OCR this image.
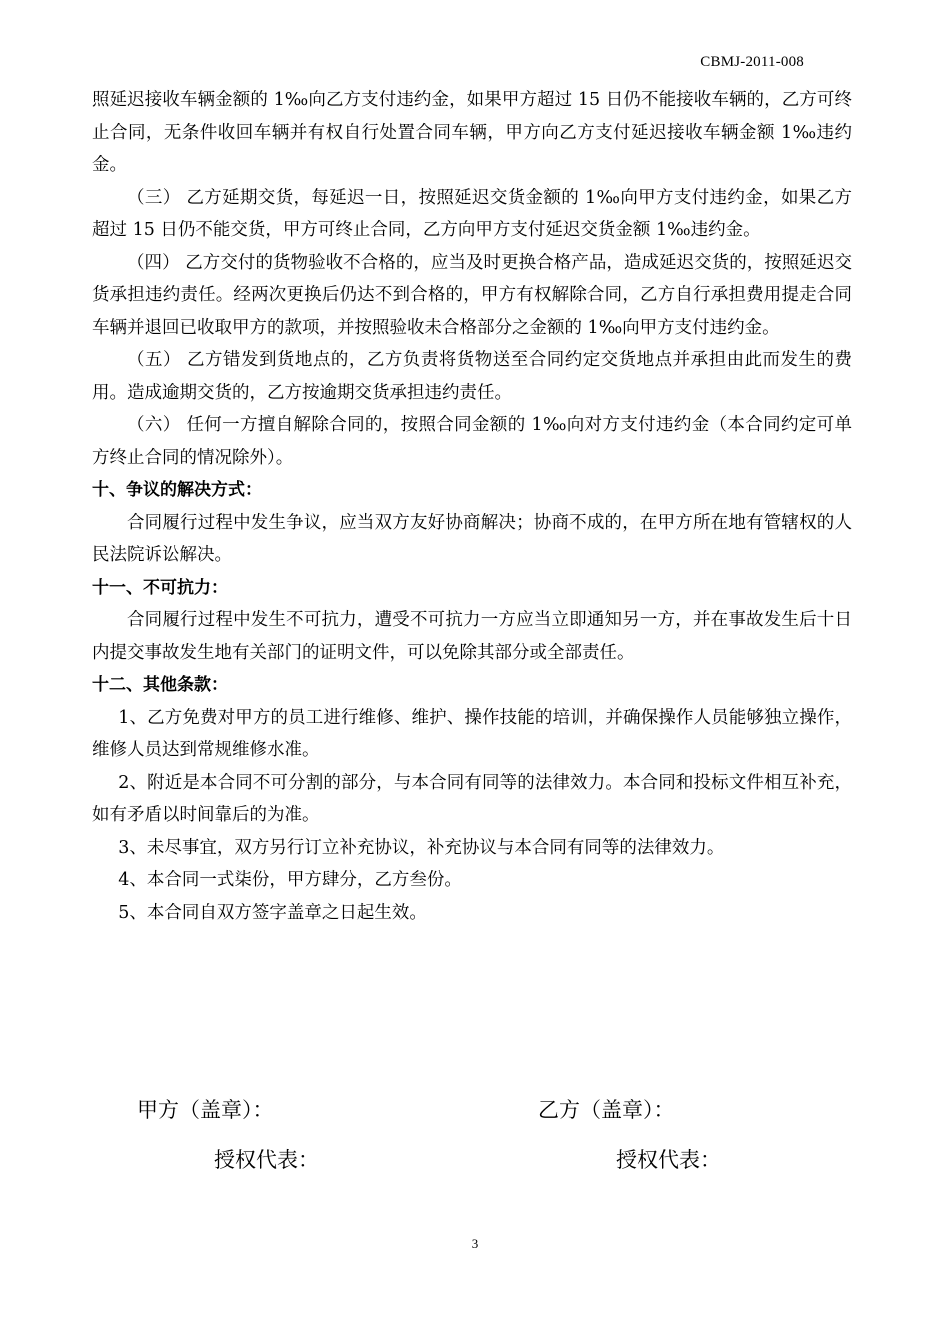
CBMJ-2011-008

照延迟接收车辆金额的 1‰向乙方支付违约金，如果甲方超过 15 日仍不能接收车辆的，乙方可终止合同，无条件收回车辆并有权自行处置合同车辆，甲方向乙方支付延迟接收车辆金额 1‰违约金。

（三） 乙方延期交货，每延迟一日，按照延迟交货金额的 1‰向甲方支付违约金，如果乙方超过 15 日仍不能交货，甲方可终止合同，乙方向甲方支付延迟交货金额 1‰违约金。

（四） 乙方交付的货物验收不合格的，应当及时更换合格产品，造成延迟交货的，按照延迟交货承担违约责任。经两次更换后仍达不到合格的，甲方有权解除合同，乙方自行承担费用提走合同车辆并退回已收取甲方的款项，并按照验收未合格部分之金额的 1‰向甲方支付违约金。

（五） 乙方错发到货地点的，乙方负责将货物送至合同约定交货地点并承担由此而发生的费用。造成逾期交货的，乙方按逾期交货承担违约责任。

（六） 任何一方擅自解除合同的，按照合同金额的 1‰向对方支付违约金（本合同约定可单方终止合同的情况除外）。

十、争议的解决方式：

合同履行过程中发生争议，应当双方友好协商解决；协商不成的，在甲方所在地有管辖权的人民法院诉讼解决。

十一、不可抗力：

合同履行过程中发生不可抗力，遭受不可抗力一方应当立即通知另一方，并在事故发生后十日内提交事故发生地有关部门的证明文件，可以免除其部分或全部责任。

十二、其他条款：

1、乙方免费对甲方的员工进行维修、维护、操作技能的培训，并确保操作人员能够独立操作，维修人员达到常规维修水准。

2、附近是本合同不可分割的部分，与本合同有同等的法律效力。本合同和投标文件相互补充，如有矛盾以时间靠后的为准。

3、未尽事宜，双方另行订立补充协议，补充协议与本合同有同等的法律效力。

4、本合同一式柒份，甲方肆分，乙方叁份。

5、本合同自双方签字盖章之日起生效。

甲方（盖章）：	乙方（盖章）：
授权代表：	授权代表：
3
